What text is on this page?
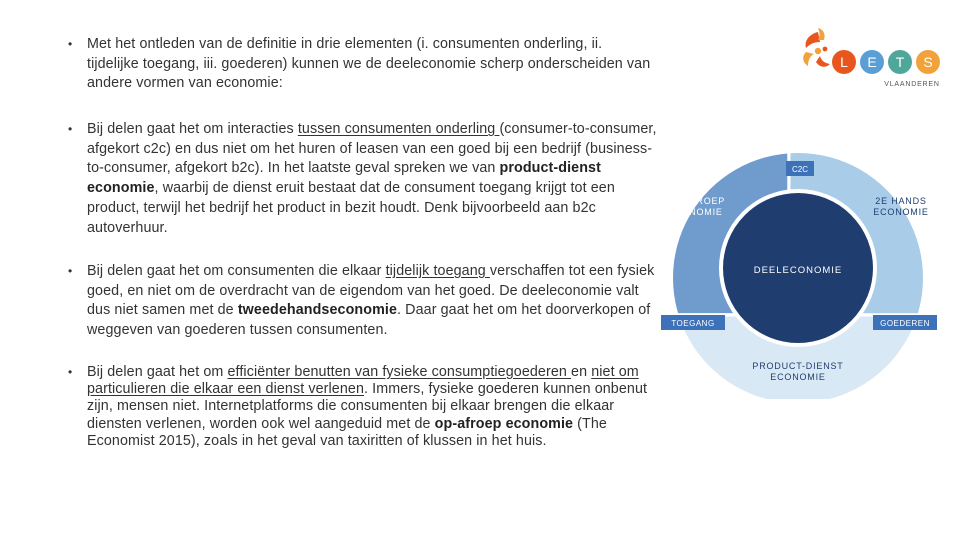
• Met het ontleden van de definitie in drie elementen (i. consumenten onderling, ii. tijdelijke toegang, iii. goederen) kunnen we de deeleconomie scherp onderscheiden van andere vormen van economie:
• Bij delen gaat het om interacties tussen consumenten onderling (consumer-to-consumer, afgekort c2c) en dus niet om het huren of leasen van een goed bij een bedrijf (business-to-consumer, afgekort b2c). In het laatste geval spreken we van product-dienst economie, waarbij de dienst eruit bestaat dat de consument toegang krijgt tot een product, terwijl het bedrijf het product in bezit houdt. Denk bijvoorbeeld aan b2c autoverhuur.
• Bij delen gaat het om consumenten die elkaar tijdelijk toegang verschaffen tot een fysiek goed, en niet om de overdracht van de eigendom van het goed. De deeleconomie valt dus niet samen met de tweedehandseconomie. Daar gaat het om het doorverkopen of weggeven van goederen tussen consumenten.
• Bij delen gaat het om efficiënter benutten van fysieke consumptiegoederen en niet om particulieren die elkaar een dienst verlenen. Immers, fysieke goederen kunnen onbenut zijn, mensen niet. Internetplatforms die consumenten bij elkaar brengen die elkaar diensten verlenen, worden ook wel aangeduid met de op-afroep economie (The Economist 2015), zoals in het geval van taxiritten of klussen in het huis.
L E T S
VLAANDEREN
DEELECONOMIE
C2C
TOEGANG	GOEDEREN
OP-AFROEP
ECONOMIE
2E HANDS
ECONOMIE
PRODUCT-DIENST
ECONOMIE
